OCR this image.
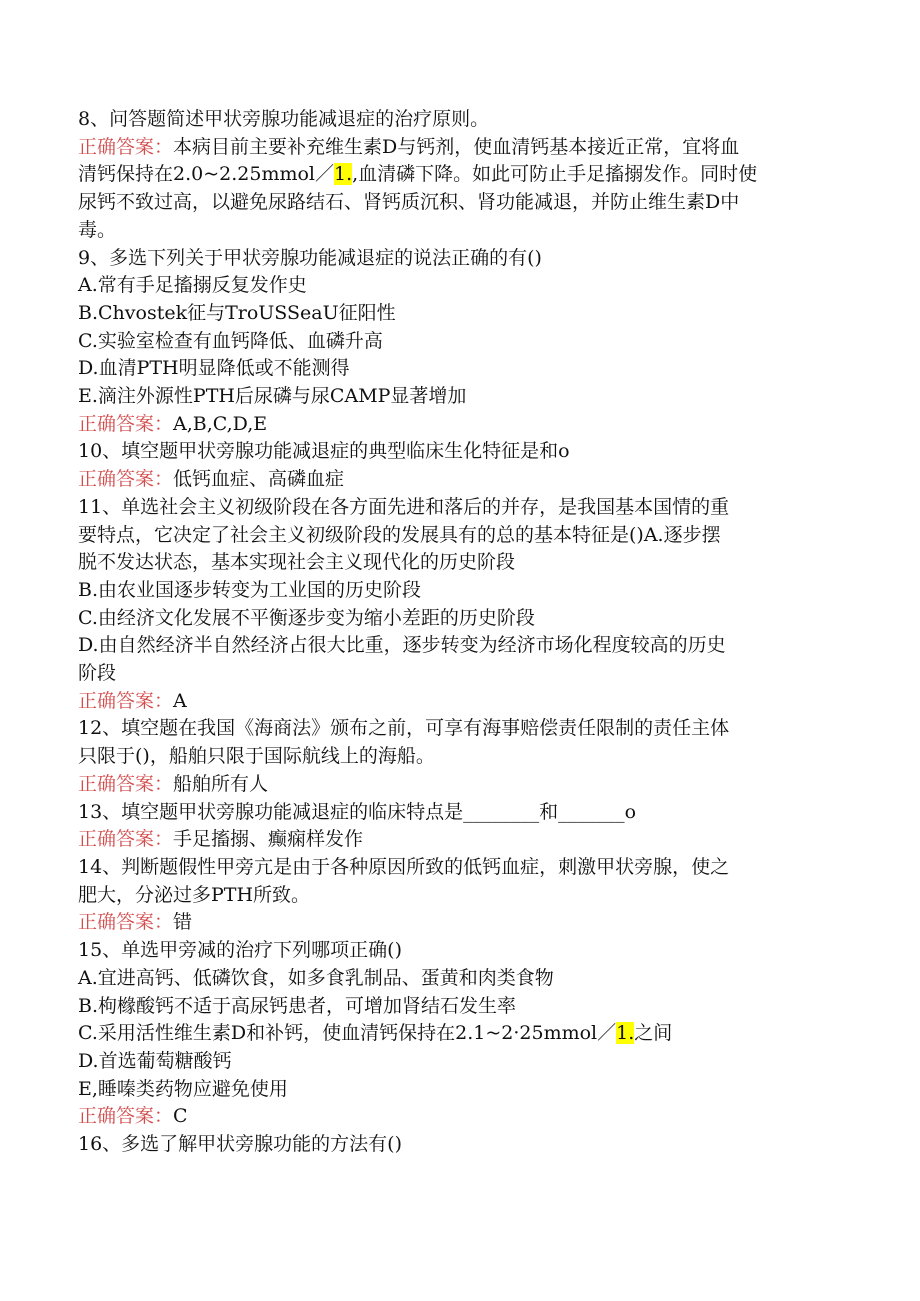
8、问答题简述甲状旁腺功能减退症的治疗原则。
正确答案：本病目前主要补充维生素D与钙剂，使血清钙基本接近正常，宜将血
清钙保持在2.0~2.25mmol／1.,血清磷下降。如此可防止手足搐搦发作。同时使
尿钙不致过高，以避免尿路结石、肾钙质沉积、肾功能减退，并防止维生素D中
毒。
9、多选下列关于甲状旁腺功能减退症的说法正确的有()
A.常有手足搐搦反复发作史
B.Chvostek征与TroUSSeaU征阳性
C.实验室检查有血钙降低、血磷升高
D.血清PTH明显降低或不能测得
E.滴注外源性PTH后尿磷与尿CAMP显著增加
正确答案：A,B,C,D,E
10、填空题甲状旁腺功能减退症的典型临床生化特征是和o
正确答案：低钙血症、高磷血症
11、单选社会主义初级阶段在各方面先进和落后的并存，是我国基本国情的重
要特点，它决定了社会主义初级阶段的发展具有的总的基本特征是()A.逐步摆
脱不发达状态，基本实现社会主义现代化的历史阶段
B.由农业国逐步转变为工业国的历史阶段
C.由经济文化发展不平衡逐步变为缩小差距的历史阶段
D.由自然经济半自然经济占很大比重，逐步转变为经济市场化程度较高的历史
阶段
正确答案：A
12、填空题在我国《海商法》颁布之前，可享有海事赔偿责任限制的责任主体
只限于()，船舶只限于国际航线上的海船。
正确答案：船舶所有人
13、填空题甲状旁腺功能减退症的临床特点是________和_______o
正确答案：手足搐搦、癫痫样发作
14、判断题假性甲旁亢是由于各种原因所致的低钙血症，刺激甲状旁腺，使之
肥大，分泌过多PTH所致。
正确答案：错
15、单选甲旁减的治疗下列哪项正确()
A.宜进高钙、低磷饮食，如多食乳制品、蛋黄和肉类食物
B.枸橼酸钙不适于高尿钙患者，可增加肾结石发生率
C.采用活性维生素D和补钙，使血清钙保持在2.1~2·25mmol／1.之间
D.首选葡萄糖酸钙
E,睡嗪类药物应避免使用
正确答案：C
16、多选了解甲状旁腺功能的方法有()
